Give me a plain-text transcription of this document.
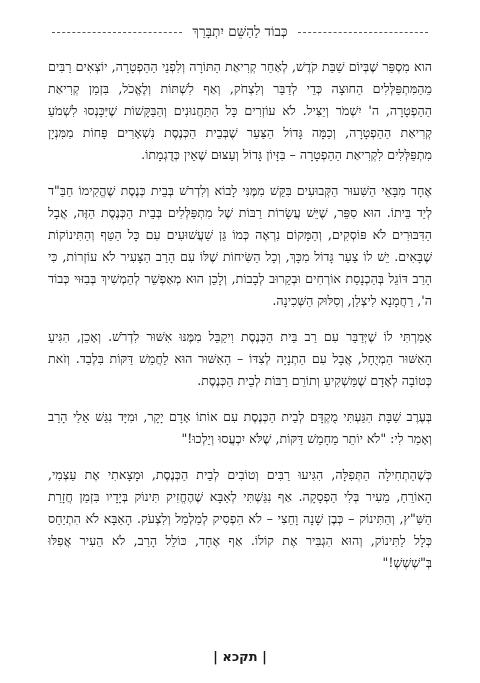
כְּבוֹד לַהַשֵּׁם יִתְבָּרַךְ

הוא מִסְפַּר שֶׁבְּיוֹם שַׁבַּת קֹדֶשׁ, לְאַחַר קְרִיאַת הַתּוֹרָה וְלִפְנֵי הַהַפְטָרָה, יוֹצְאִים רַבִּים מֵהַמִּתְפַּלְּלִים הַחוּצָה כְּדֵי לְדַבֵּר וְלִצְחֹק, וְאַף לִשְׁתּוֹת וְלֶאֱכֹל, בִּזְמַן קְרִיאַת הַהַפְטָרָה, ה' יִשְׁמֹר וְיַצִּיל. לֹא עוֹזְרִים כָּל הַתַּחֲנוּנִים וְהַבַּקָּשׁוֹת שֶׁיִּכָּנְסוּ לִשְׁמֹעַ קְרִיאַת הַהַפְטָרָה, וְכַמָּה גָּדוֹל הַצַּעַר שֶׁבְּבֵית הַכְּנֶסֶת נִשְׁאָרִים פָּחוֹת מִמִּנְיָן מִתְפַּלְּלִים לִקְרִיאַת הַהַפְטָרָה – בִּזָּיוֹן גָּדוֹל וְעַצּוּם שֶׁאֵין כְּדֻגְמָתוֹ.

אֶחָד מִבָּאֵי הַשִּׁעוּר הַקְּבוּעִים בִּקֵּשׁ מִמֶּנִּי לָבוֹא וְלִדְרֹשׁ בְּבֵית כְּנֶסֶת שֶׁהֱקִימוֹ חַבַּ"ד לְיַד בֵּיתוֹ. הוּא סִפֵּר, שֶׁיֵּשׁ עֲשָׂרוֹת רַבּוֹת שֶׁל מִתְפַּלְּלִים בְּבֵית הַכְּנֶסֶת הַזֶּה, אֲבָל הַדִּבּוּרִים לֹא פּוֹסְקִים, וְהַמָּקוֹם נִרְאֶה כְּמוֹ גַּן שַׁעֲשׁוּעִים עִם כָּל הַטַּף וְהַתִּינוֹקוֹת שֶׁבָּאִים. יֵשׁ לוֹ צַעַר גָּדוֹל מִכָּךְ, וְכָל הַשִּׂיחוֹת שֶׁלּוֹ עִם הָרַב הַצָּעִיר לֹא עוֹזְרוֹת, כִּי הָרַב דּוֹגֵל בְּהַכְנָסַת אוֹרְחִים וּבְקֵרוּב לְבָבוֹת, וְלָכֵן הוּא מְאַפְשֵׁר לְהַמְשִׁיךְ בְּבִזּוּי כְּבוֹד ה', רַחֲמָנָא לִיצְלַן, וְסִלּוּק הַשְּׁכִינָה.

אָמַרְתִּי לוֹ שֶׁיְּדַבֵּר עִם רַב בֵּית הַכְּנֶסֶת וִיקַבֵּל מִמֶּנּוּ אִשּׁוּר לִדְרֹשׁ. וְאָכֵן, הִגִּיעַ הָאִשּׁוּר הַמְיֻחָל, אֲבָל עִם הַתְנָיָה לְצִדּוֹ – הָאִשּׁוּר הוּא לַחֲמֵשׁ דַּקּוֹת בִּלְבַד. וְזֹאת כְּטוֹבָה לְאָדָם שֶׁמַּשְׁקִיעַ וְתוֹרֵם רַבּוֹת לְבֵית הַכְּנֶסֶת.

בְּעֶרֶב שַׁבָּת הִגַּעְתִּי מֻקְדָּם לְבֵית הַכְּנֶסֶת עִם אוֹתוֹ אָדָם יָקָר, וּמִיָּד נִגַּשׁ אֵלַי הָרַב וְאָמַר לִי: "לֹא יוֹתֵר מֵחָמֵשׁ דַּקּוֹת, שֶׁלֹּא יִכְעֲסוּ וְיֵלְכוּ!"

כְּשֶׁהַתְחִילָה הַתְּפִלָּה, הִגִּיעוּ רַבִּים וְטוֹבִים לְבֵית הַכְּנֶסֶת, וּמָצָאתִי אֶת עַצְמִי, הָאוֹרֵחַ, מֵעִיר בְּלִי הַפְסָקָה. אַף נִגַּשְׁתִּי לְאַבָּא שֶׁהֶחֱזִיק תִּינוֹק בְּיָדָיו בִּזְמַן חֲזָרַת הַשַּׁ"ץ, וְהַתִּינוֹק – כְּבֶן שָׁנָה וָחֵצִי – לֹא הִפְסִיק לְמַלְמֵל וְלִצְעֹק. הָאַבָּא לֹא הִתְיַחֵס כְּלָל לַתִּינוֹק, וְהוּא הִגְבִּיר אֶת קוֹלוֹ. אַף אֶחָד, כּוֹלֵל הָרַב, לֹא הֵעִיר אֲפִלּוּ בְּ"שְׁשְׁשְׁ!"

| תקכא |
